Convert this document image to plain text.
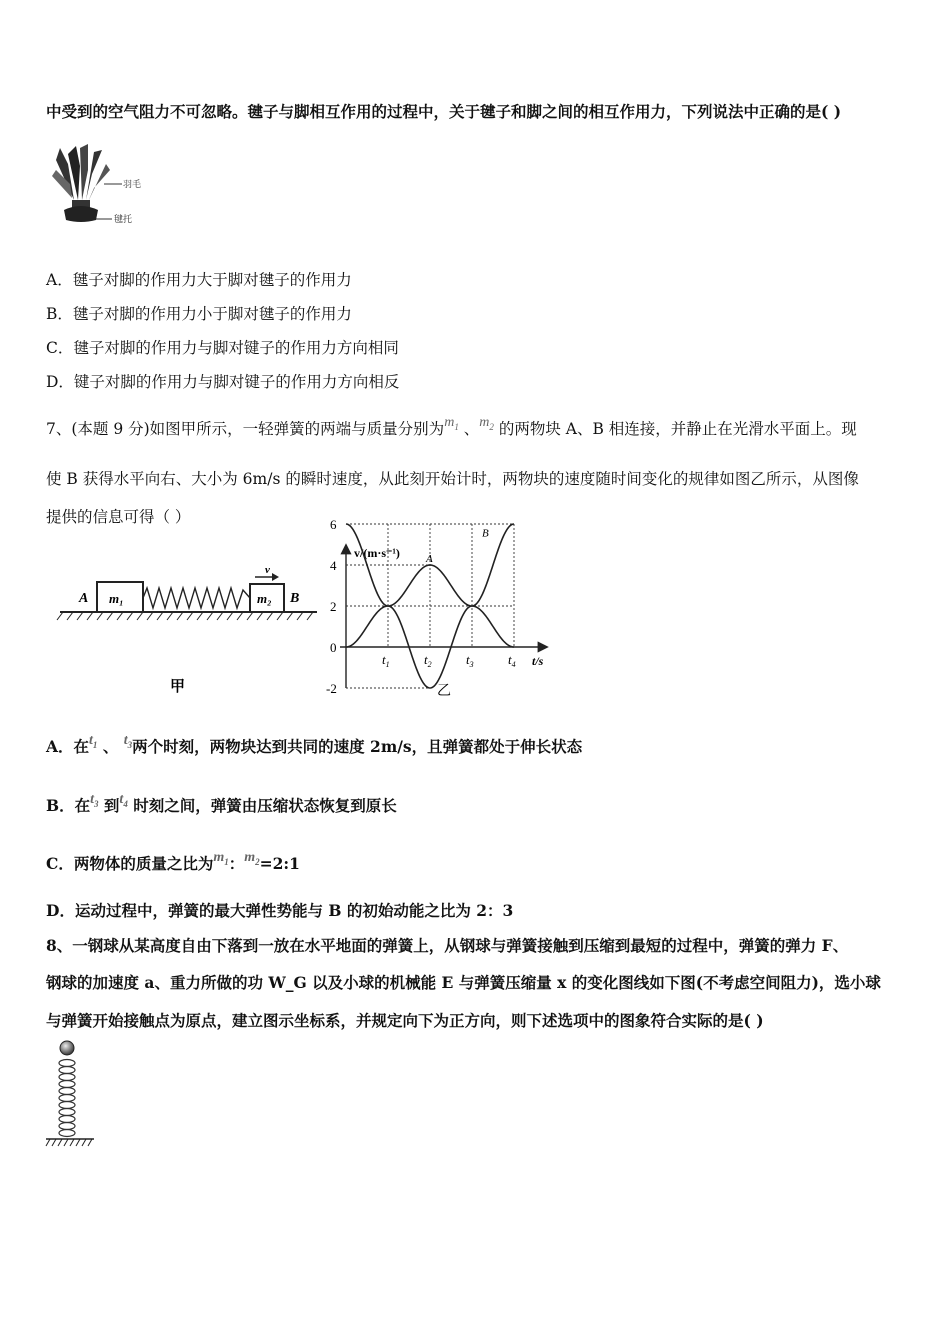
中受到的空气阻力不可忽略。毽子与脚相互作用的过程中，关于毽子和脚之间的相互作用力，下列说法中正确的是( )
羽毛
毽托
A．毽子对脚的作用力大于脚对毽子的作用力
B．毽子对脚的作用力小于脚对毽子的作用力
C．毽子对脚的作用力与脚对键子的作用力方向相同
D．键子对脚的作用力与脚对键子的作用力方向相反
7、(本题 9 分)如图甲所示，一轻弹簧的两端与质量分别为$m_1$ 、$m_2$ 的两物块 A、B 相连接，并静止在光滑水平面上。现
使 B 获得水平向右、大小为 6m/s 的瞬时速度，从此刻开始计时，两物块的速度随时间变化的规律如图乙所示，从图像
提供的信息可得（ ）
m₁
A	m₂ B
v
甲
v/(m·s⁻¹)
t/s
6
4
2
0
-2
$t_1$	$t_2$	$t_3$	$t_4$
A
B
乙
A．在$t_1$ 、 $t_3$两个时刻，两物块达到共同的速度 2m/s，且弹簧都处于伸长状态
B．在$t_3$ 到$t_4$ 时刻之间，弹簧由压缩状态恢复到原长
C．两物体的质量之比为$m_1$：$m_2=2:1$
D．运动过程中，弹簧的最大弹性势能与 B 的初始动能之比为 2：3
8、一钢球从某高度自由下落到一放在水平地面的弹簧上，从钢球与弹簧接触到压缩到最短的过程中，弹簧的弹力 F、
钢球的加速度 a、重力所做的功 W_G 以及小球的机械能 E 与弹簧压缩量 x 的变化图线如下图(不考虑空间阻力)，选小球
与弹簧开始接触点为原点，建立图示坐标系，并规定向下为正方向，则下述选项中的图象符合实际的是( )
